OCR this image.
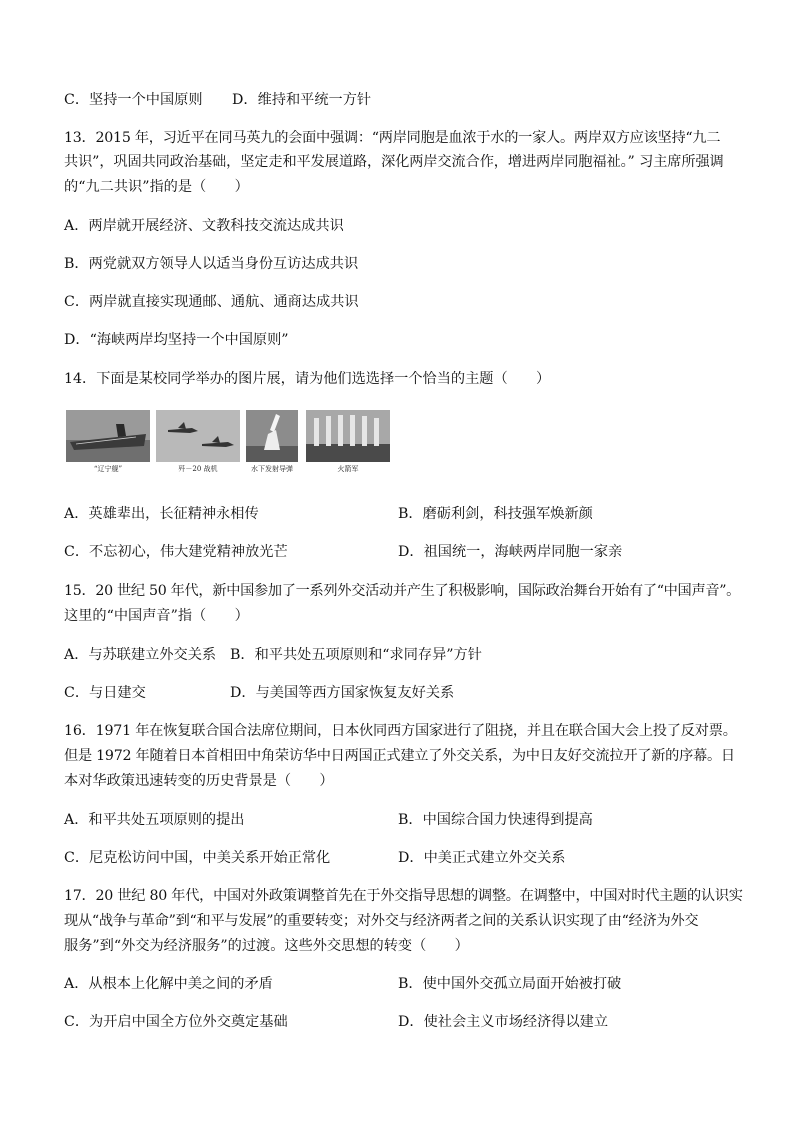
C．坚持一个中国原则 D．维持和平统一方针
13．2015 年，习近平在同马英九的会面中强调：“两岸同胞是血浓于水的一家人。两岸双方应该坚持“九二
共识”，巩固共同政治基础，坚定走和平发展道路，深化两岸交流合作，增进两岸同胞福祉。” 习主席所强调
的“九二共识”指的是（　　）
A．两岸就开展经济、文教科技交流达成共识
B．两党就双方领导人以适当身份互访达成共识
C．两岸就直接实现通邮、通航、通商达成共识
D．“海峡两岸均坚持一个中国原则”
14．下面是某校同学举办的图片展，请为他们选选择一个恰当的主题（　　）
“辽宁舰”	歼－20 战机	水下发射导弹	火箭军
A．英雄辈出，长征精神永相传	B．磨砺利剑，科技强军焕新颜
C．不忘初心，伟大建党精神放光芒	D．祖国统一，海峡两岸同胞一家亲
15．20 世纪 50 年代，新中国参加了一系列外交活动并产生了积极影响，国际政治舞台开始有了“中国声音”。
这里的“中国声音”指（　　）
A．与苏联建立外交关系 B．和平共处五项原则和“求同存异”方针
C．与日建交	D．与美国等西方国家恢复友好关系
16．1971 年在恢复联合国合法席位期间，日本伙同西方国家进行了阻挠，并且在联合国大会上投了反对票。
但是 1972 年随着日本首相田中角荣访华中日两国正式建立了外交关系，为中日友好交流拉开了新的序幕。日
本对华政策迅速转变的历史背景是（　　）
A．和平共处五项原则的提出	B．中国综合国力快速得到提高
C．尼克松访问中国，中美关系开始正常化	D．中美正式建立外交关系
17．20 世纪 80 年代，中国对外政策调整首先在于外交指导思想的调整。在调整中，中国对时代主题的认识实
现从“战争与革命”到“和平与发展”的重要转变；对外交与经济两者之间的关系认识实现了由“经济为外交
服务”到“外交为经济服务”的过渡。这些外交思想的转变（　　）
A．从根本上化解中美之间的矛盾	B．使中国外交孤立局面开始被打破
C．为开启中国全方位外交奠定基础	D．使社会主义市场经济得以建立
